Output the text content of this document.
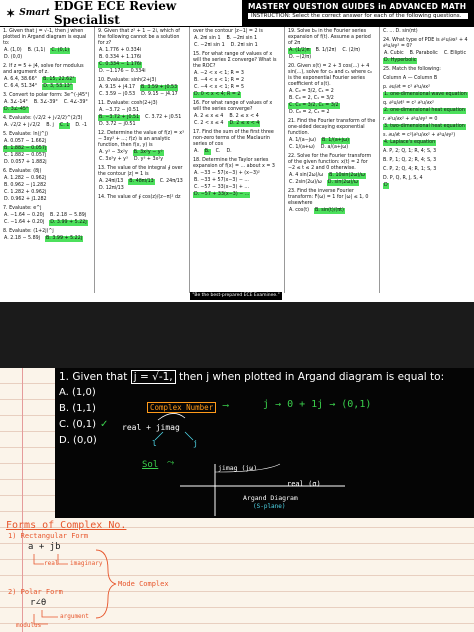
✶ Smart EDGE ECE Review Specialist
MASTERY QUESTION GUIDES in ADVANCED MATH
INSTRUCTION: Select the correct answer for each of the following questions.
1. Given that j = √-1, then j when plotted in Argand diagram is equal to:
A. (1,0) B. (1,1) C. (0,1)
D. (0,0)
2. If z = 5 + j4, solve for modulus and argument of z.
A. 6.4, 38.66° B. 15, 22.62°
C. 6.4, 51.34° D. 3, 53.13°
3. Convert to polar form: 3e^(-j45°)
A. 3∠-14° B. 3∠-39° C. 4∠-39°
D. 3∠-45°
4. Evaluate: (√2/2 + j√2/2)^(2/3)
A. √2/2 + j√2/2 B. j C. 1 D. -1
5. Evaluate: ln(j^j)
A. 0.057 − 1.662j
B. 1.882 − 0.057j
C. 1.882 − 0.057j
D. 0.057 + 1.882j
6. Evaluate: (8j)
A. 1.282 − 0.962j
B. 0.962 − j1.282
C. 1.282 + 0.962j
D. 0.962 + j1.282
7. Evaluate: e^j
A. −1.64 − 0.20j B. 2.18 − 5.89j
C. −1.64 + 0.20j D. 3.99 + 5.22j
8. Evaluate: (1+2j)^j
A. 2.18 − 5.89j B. 3.99 + 5.22j
9. Given that z² + 1 − 2i, which of the following cannot be a solution for z?
A. 1.776 + 0.334i
B. 0.334 + 1.176i
C. 0.334 − 1.176i
D. −1.176 − 0.334i
10. Evaluate: sinh(2+j3)
A. 9.15 + j4.17 B. 3.59 + j0.53
C. 3.59 − j0.53 D. 9.15 − j4.17
11. Evaluate: cosh(2+j3)
A. −3.72 − j0.51
B. −3.72 + j0.51 C. 3.72 + j0.51
D. 3.72 − j0.51
12. Determine the value of f(z) = x³ − 3xy² + ...; f(z) is an analytic function, then f(x, y) is
A. y³ − 3x²y B. 3x²y − y³
C. 3x²y + y³ D. y³ + 3x²y
13. The value of the integral ∮ over the contour |z| = 1 is
A. 24πi/13 B. 48πi/13 C. 24π/13
D. 12πi/13
14. The value of ∮ cos(z)/(z−π)² dz
over the contour |z−1| = 2 is
A. 2πi sin 1 B. −2πi sin 1
C. −2πi sin 1 D. 2πi sin 1
15. For what range of values of x will the series Σ converge? What is the ROC?
A. −2 < x < 1; R = 3
B. −4 < x < 1; R = 2
C. −4 < x < 1; R = 5
D. 0 < x < 4; R = 2
16. For what range of values of x will the series converge?
A. 2 ≤ x ≤ 4 B. 2 ≤ x < 4
C. 2 < x ≤ 4 D. 2 ≤ x < 4
17. Find the sum of the first three non-zero terms of the Maclaurin series of cos
A. B. C. D.
18. Determine the Taylor series expansion of f(x) = ... about x = 3
A. −33 − 57(x−3) + (x−3)²
B. −33 + 57(x−3) − ...
C. −57 − 33(x−3) + ...
D. −57 + 33(x−3) − ...
19. Solve b₀ in the Fourier series expansion of f(t). Assume a period of 2π
A. (1/2)π B. 1/(2π) C. (2/π)
D. −(2/π)
20. Given x(t) = 2 + 3 cos(...) + 4 sin(...), solve for c₀ and c₁ where c₀ is the exponential Fourier series coefficient of x(t).
A. C₀ = 3/2, C₁ = 2
B. C₀ = 2, C₁ = 3/2
C. C₀ = 3/2, C₁ = 3/2
D. C₀ = 2, C₁ = 2
21. Find the Fourier transform of the one-sided decaying exponential function.
A. 1/(a−jω) B. 1/(a+jω)
C. 1/(a+ω) D. a/(a+jω)
22. Solve for the Fourier transform of the given function: x(t) = 2 for −2 ≤ t ≤ 2 and 0 otherwise.
A. 4 sin(2ω)/ω B. 10sin(2ω)/ω
C. 2sin(2ω)/ω D. sin(2ω)/ω
23. Find the inverse Fourier transform: F(ω) = 1 for |ω| ≤ 1, 0 elsewhere
A. cos(t) B. sin(t)/(πt)
C. ... D. sin(πt)
24. What type of PDE is ∂²u/∂x² + 4 ∂²u/∂y² = 0?
A. Cubic B. Parabolic C. Elliptic
D. Hyperbolic
25. Match the following:
Column A — Column B
p. ∂u/∂t = c² ∂²u/∂x²
1. one-dimensional wave equation
q. ∂²u/∂t² = c² ∂²u/∂x²
2. one-dimensional heat equation
r. ∂²u/∂x² + ∂²u/∂y² = 0
3. two-dimensional heat equation
s. ∂u/∂t = c²(∂²u/∂x² + ∂²u/∂y²)
4. Laplace's equation
A. P, 2; Q, 1; R, 4; S, 3
B. P, 1; Q, 2; R, 4; S, 3
C. P, 2; Q, 4; R, 1; S, 3
D. P, Q, R, J, S, 4
D
"Be the best-prepared ECE Examinee."
1. Given that j = √-1, then j when plotted in Argand diagram is equal to:
A. (1,0)
B. (1,1)
C. (0,1) ✓
D. (0,0)
Complex Number	⟶	j → 0 + 1j → (0,1)
real + jimag
l	j
Sol ⤳	jimag (jω)
real (σ)
Argand Diagram
(S-plane)
Forms of Complex No.
1) Rectangular Form
a + jb
real imaginary
Mode Complex
2) Polar Form
r∠θ
argument
modulus
